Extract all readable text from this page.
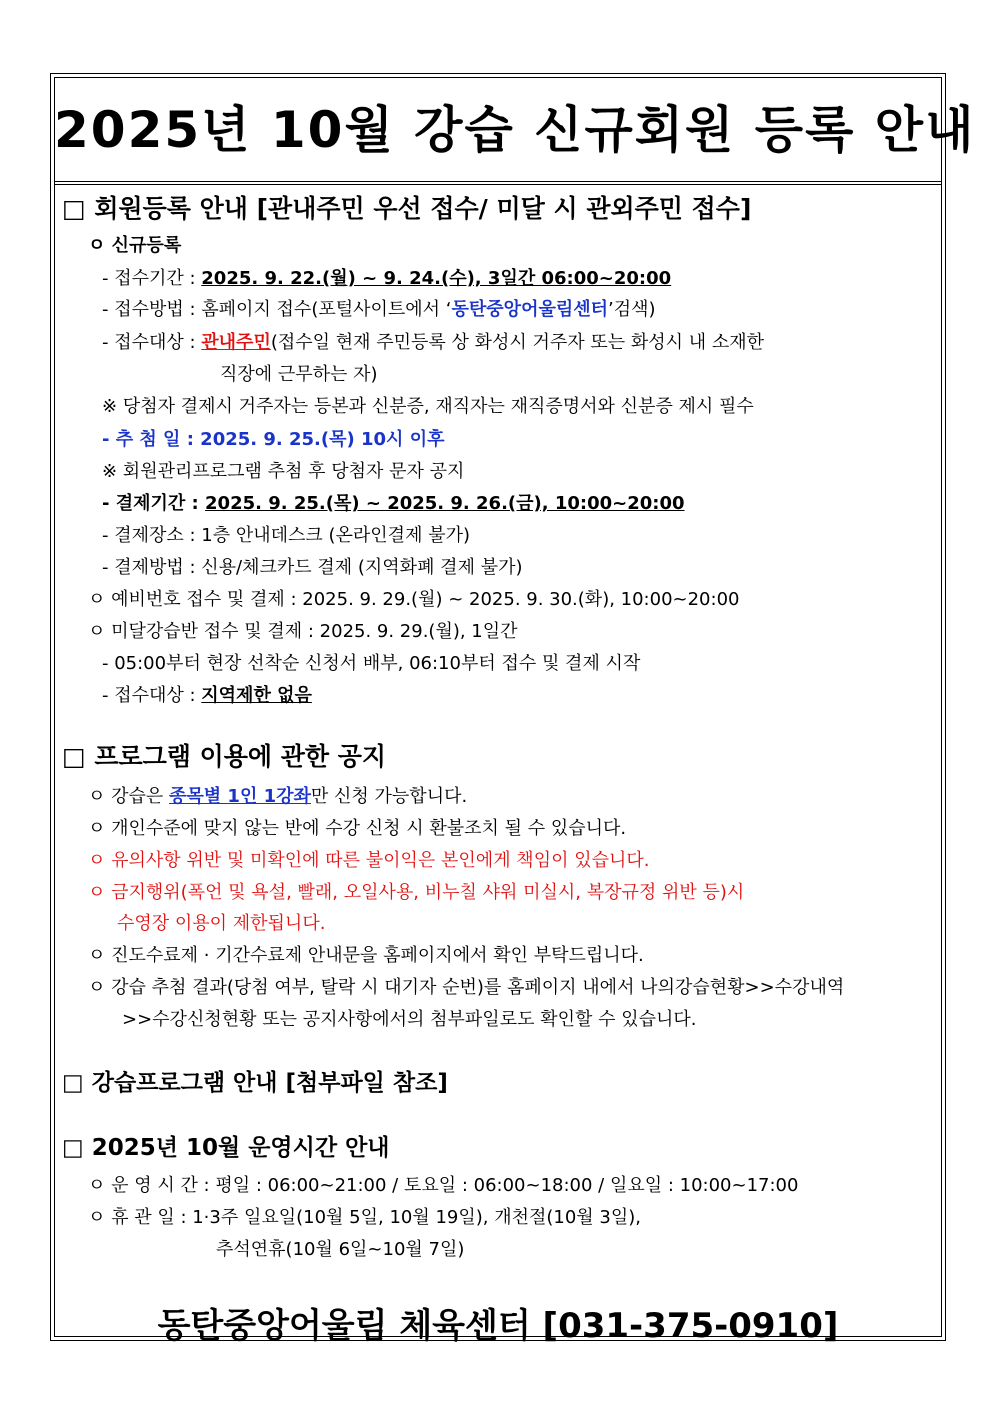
2025년 10월 강습 신규회원 등록 안내
□ 회원등록 안내 [관내주민 우선 접수/ 미달 시 관외주민 접수]
ㅇ 신규등록
- 접수기간 : 2025. 9. 22.(월) ~ 9. 24.(수), 3일간 06:00~20:00
- 접수방법 : 홈페이지 접수(포털사이트에서 ‘동탄중앙어울림센터’검색)
- 접수대상 : 관내주민(접수일 현재 주민등록 상 화성시 거주자 또는 화성시 내 소재한
직장에 근무하는 자)
※ 당첨자 결제시 거주자는 등본과 신분증, 재직자는 재직증명서와 신분증 제시 필수
- 추 첨 일 : 2025. 9. 25.(목) 10시 이후
※ 회원관리프로그램 추첨 후 당첨자 문자 공지
- 결제기간 : 2025. 9. 25.(목) ~ 2025. 9. 26.(금), 10:00~20:00
- 결제장소 : 1층 안내데스크 (온라인결제 불가)
- 결제방법 : 신용/체크카드 결제 (지역화폐 결제 불가)
ㅇ 예비번호 접수 및 결제 : 2025. 9. 29.(월) ~ 2025. 9. 30.(화), 10:00~20:00
ㅇ 미달강습반 접수 및 결제 : 2025. 9. 29.(월), 1일간
- 05:00부터 현장 선착순 신청서 배부, 06:10부터 접수 및 결제 시작
- 접수대상 : 지역제한 없음
□ 프로그램 이용에 관한 공지
ㅇ 강습은 종목별 1인 1강좌만 신청 가능합니다.
ㅇ 개인수준에 맞지 않는 반에 수강 신청 시 환불조치 될 수 있습니다.
ㅇ 유의사항 위반 및 미확인에 따른 불이익은 본인에게 책임이 있습니다.
ㅇ 금지행위(폭언 및 욕설, 빨래, 오일사용, 비누칠 샤워 미실시, 복장규정 위반 등)시
수영장 이용이 제한됩니다.
ㅇ 진도수료제 · 기간수료제 안내문을 홈페이지에서 확인 부탁드립니다.
ㅇ 강습 추첨 결과(당첨 여부, 탈락 시 대기자 순번)를 홈페이지 내에서 나의강습현황>>수강내역
>>수강신청현황 또는 공지사항에서의 첨부파일로도 확인할 수 있습니다.
□ 강습프로그램 안내 [첨부파일 참조]
□ 2025년 10월 운영시간 안내
ㅇ 운 영 시 간 : 평일 : 06:00~21:00 / 토요일 : 06:00~18:00 / 일요일 : 10:00~17:00
ㅇ 휴 관 일 : 1·3주 일요일(10월 5일, 10월 19일), 개천절(10월 3일),
추석연휴(10월 6일~10월 7일)
동탄중앙어울림 체육센터 [031-375-0910]
